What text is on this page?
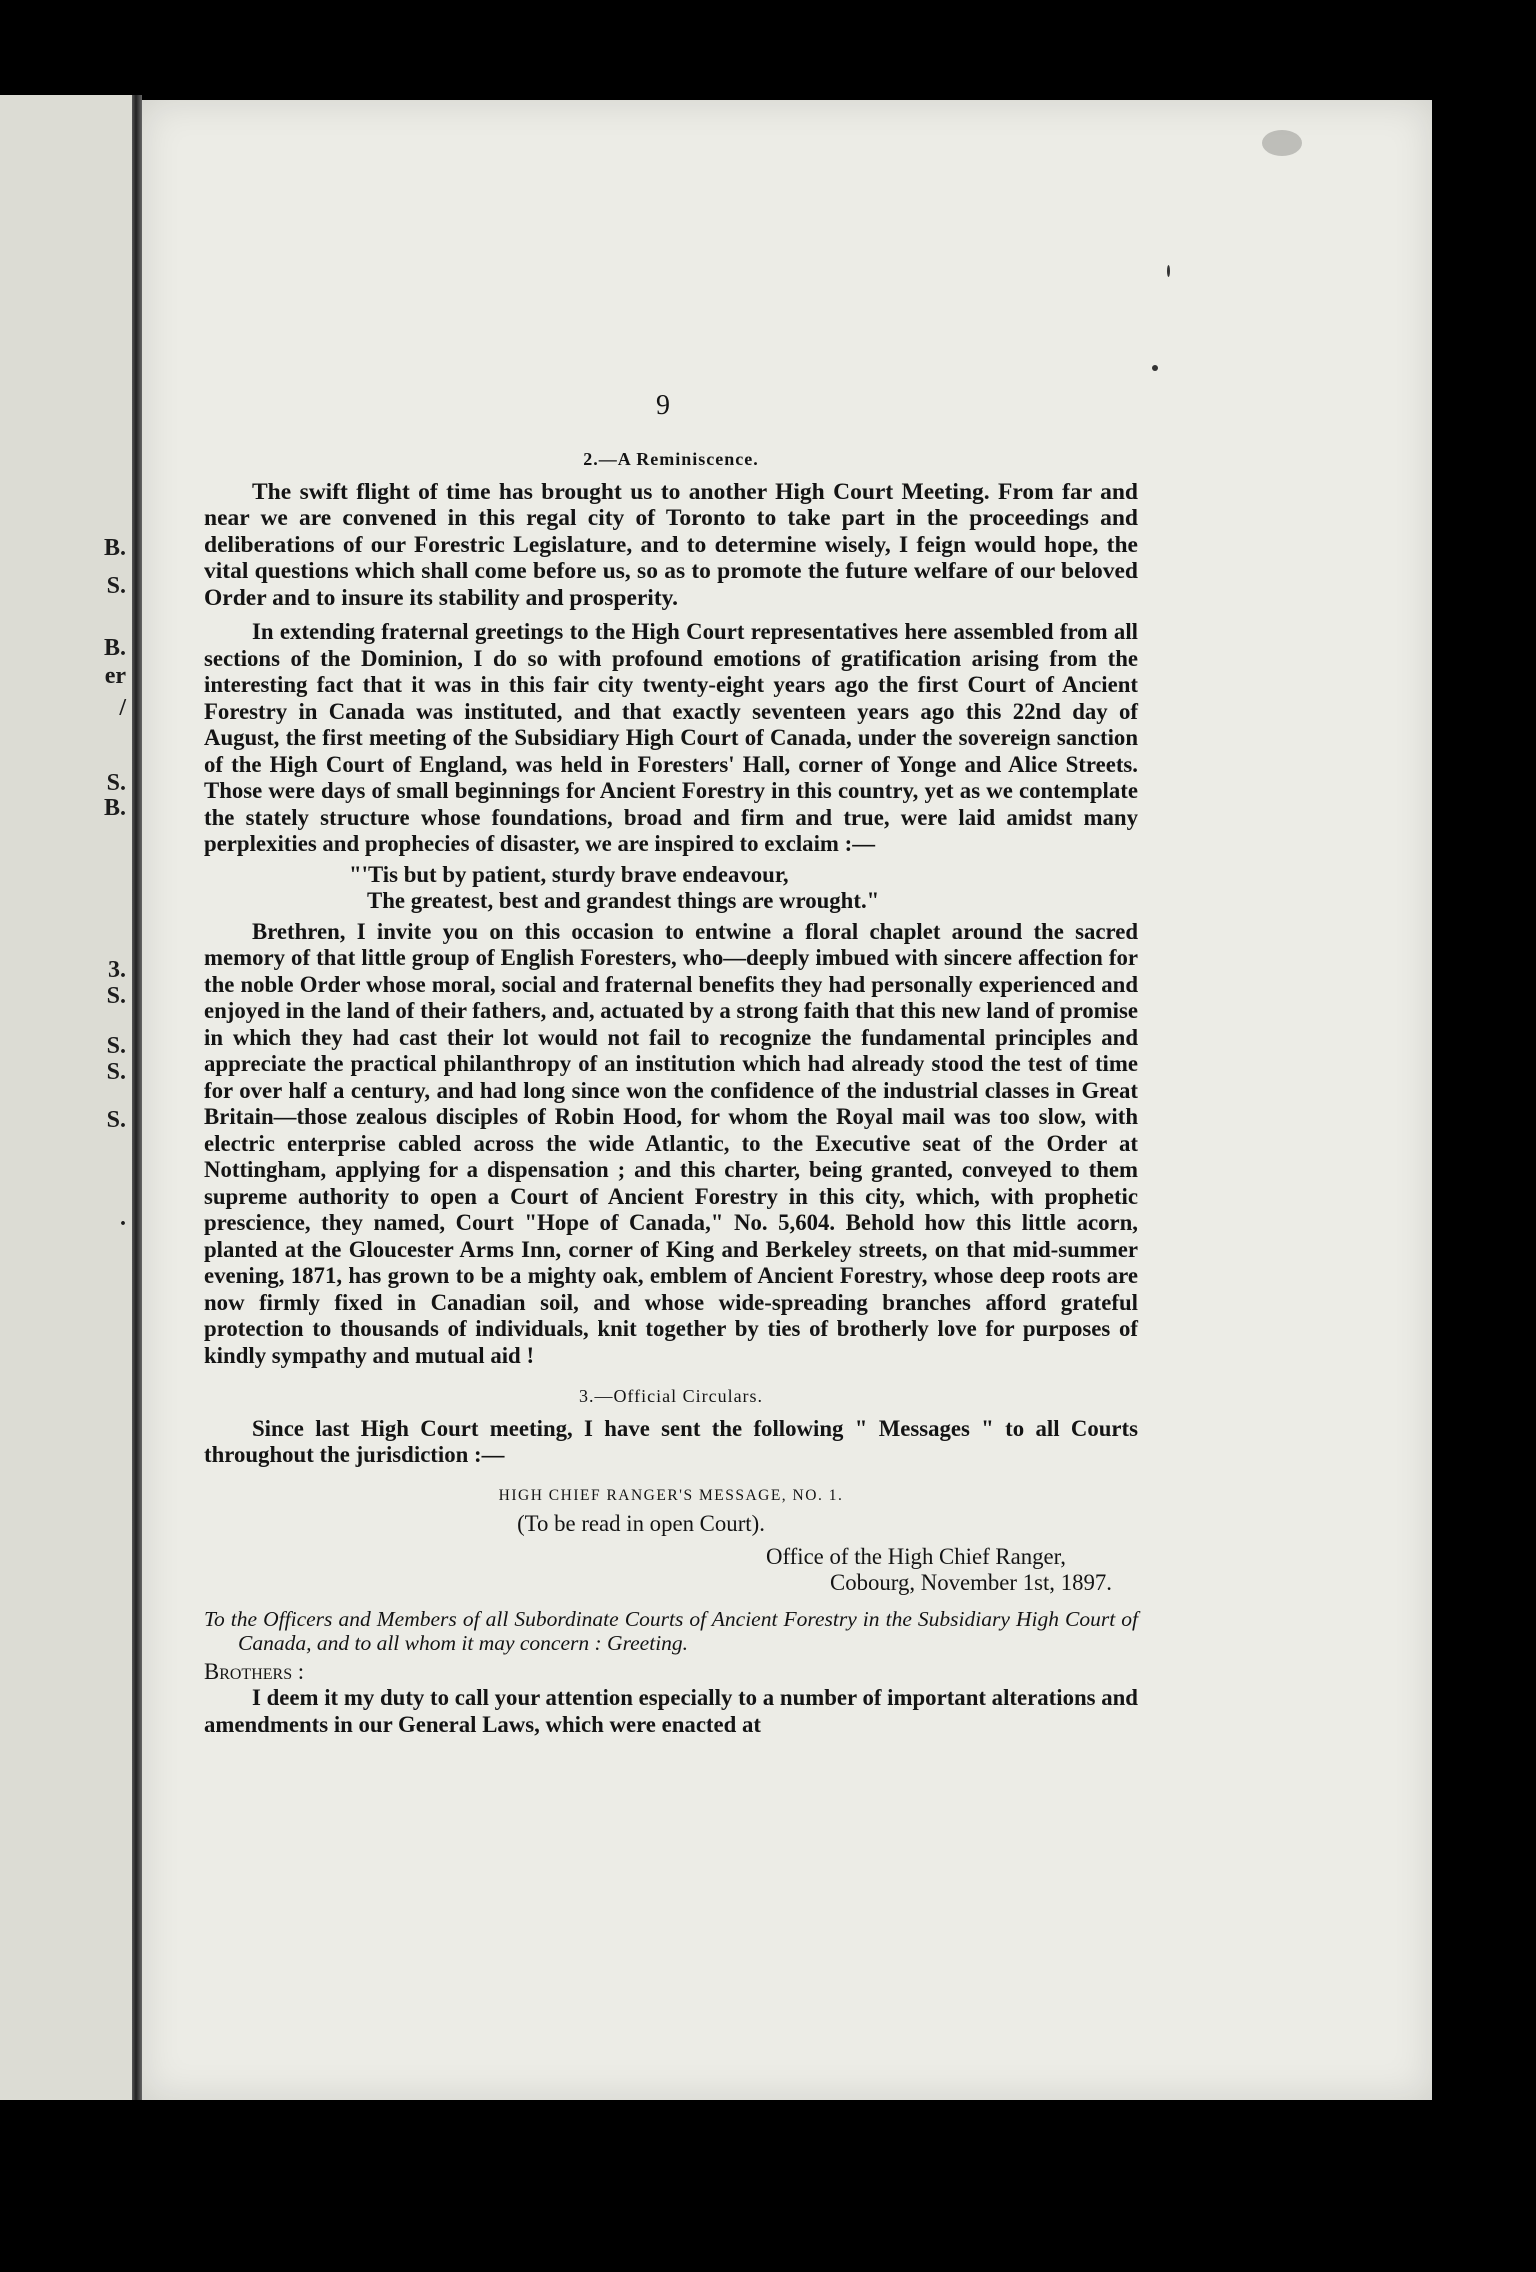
B.
S.
B.
er
/
S.
B.
3.
S.
S.
S.
S.
.
9
2.—A Reminiscence.

The swift flight of time has brought us to another High Court Meeting. From far and near we are convened in this regal city of Toronto to take part in the proceedings and deliberations of our Forestric Legislature, and to determine wisely, I feign would hope, the vital questions which shall come before us, so as to promote the future welfare of our beloved Order and to insure its stability and prosperity.

In extending fraternal greetings to the High Court representatives here assembled from all sections of the Dominion, I do so with profound emotions of gratification arising from the interesting fact that it was in this fair city twenty-eight years ago the first Court of Ancient Forestry in Canada was instituted, and that exactly seventeen years ago this 22nd day of August, the first meeting of the Subsidiary High Court of Canada, under the sovereign sanction of the High Court of England, was held in Foresters' Hall, corner of Yonge and Alice Streets. Those were days of small beginnings for Ancient Forestry in this country, yet as we contemplate the stately structure whose foundations, broad and firm and true, were laid amidst many perplexities and prophecies of disaster, we are inspired to exclaim :—

"'Tis but by patient, sturdy brave endeavour,
The greatest, best and grandest things are wrought."

Brethren, I invite you on this occasion to entwine a floral chaplet around the sacred memory of that little group of English Foresters, who—deeply imbued with sincere affection for the noble Order whose moral, social and fraternal benefits they had personally experienced and enjoyed in the land of their fathers, and, actuated by a strong faith that this new land of promise in which they had cast their lot would not fail to recognize the fundamental principles and appreciate the practical philanthropy of an institution which had already stood the test of time for over half a century, and had long since won the confidence of the industrial classes in Great Britain—those zealous disciples of Robin Hood, for whom the Royal mail was too slow, with electric enterprise cabled across the wide Atlantic, to the Executive seat of the Order at Nottingham, applying for a dispensation ; and this charter, being granted, conveyed to them supreme authority to open a Court of Ancient Forestry in this city, which, with prophetic prescience, they named, Court "Hope of Canada," No. 5,604. Behold how this little acorn, planted at the Gloucester Arms Inn, corner of King and Berkeley streets, on that mid-summer evening, 1871, has grown to be a mighty oak, emblem of Ancient Forestry, whose deep roots are now firmly fixed in Canadian soil, and whose wide-spreading branches afford grateful protection to thousands of individuals, knit together by ties of brotherly love for purposes of kindly sympathy and mutual aid !

3.—Official Circulars.

Since last High Court meeting, I have sent the following " Messages " to all Courts throughout the jurisdiction :—

HIGH CHIEF RANGER'S MESSAGE, NO. 1.
(To be read in open Court).
Office of the High Chief Ranger,
Cobourg, November 1st, 1897.
To the Officers and Members of all Subordinate Courts of Ancient Forestry in the Subsidiary High Court of Canada, and to all whom it may concern : Greeting.
Brothers :

I deem it my duty to call your attention especially to a number of important alterations and amendments in our General Laws, which were enacted at
